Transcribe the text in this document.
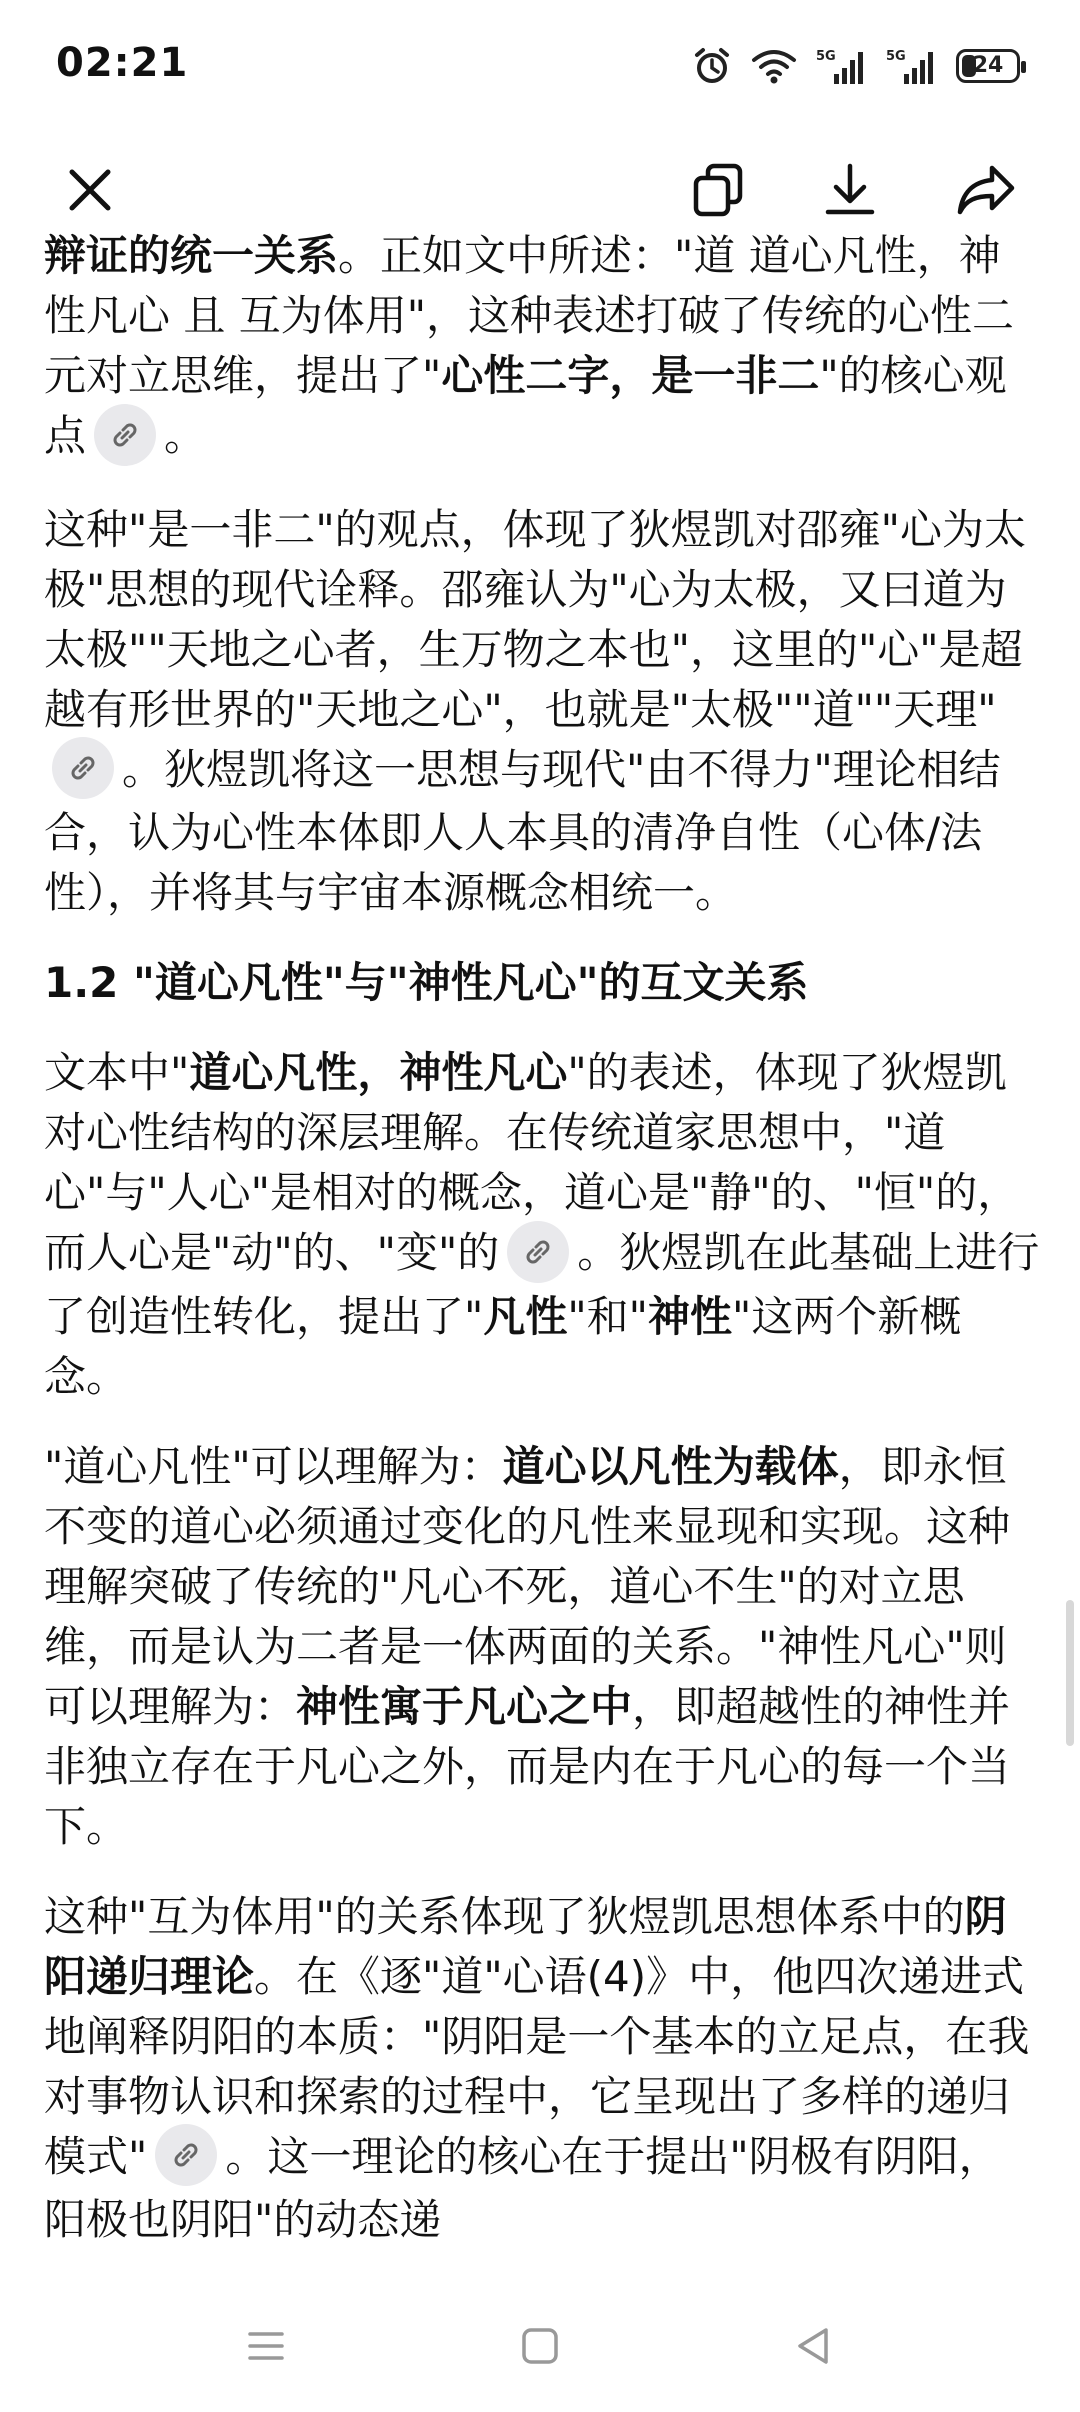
02:21	5G	5G	24

辩证的统一关系。正如文中所述："道 道心凡性，神性凡心 且 互为体用"，这种表述打破了传统的心性二元对立思维，提出了"心性二字，是一非二"的核心观点 。

这种"是一非二"的观点，体现了狄煜凯对邵雍"心为太极"思想的现代诠释。邵雍认为"心为太极，又曰道为太极""天地之心者，生万物之本也"，这里的"心"是超越有形世界的"天地之心"，也就是"太极""道""天理"
。狄煜凯将这一思想与现代"由不得力"理论相结合，认为心性本体即人人本具的清净自性（心体/法性），并将其与宇宙本源概念相统一。

1.2 "道心凡性"与"神性凡心"的互文关系

文本中"道心凡性，神性凡心"的表述，体现了狄煜凯对心性结构的深层理解。在传统道家思想中，"道心"与"人心"是相对的概念，道心是"静"的、"恒"的，而人心是"动"的、"变"的 。狄煜凯在此基础上进行了创造性转化，提出了"凡性"和"神性"这两个新概念。

"道心凡性"可以理解为：道心以凡性为载体，即永恒不变的道心必须通过变化的凡性来显现和实现。这种理解突破了传统的"凡心不死，道心不生"的对立思维，而是认为二者是一体两面的关系。"神性凡心"则可以理解为：神性寓于凡心之中，即超越性的神性并非独立存在于凡心之外，而是内在于凡心的每一个当下。

这种"互为体用"的关系体现了狄煜凯思想体系中的阴阳递归理论。在《逐"道"心语(4)》中，他四次递进式地阐释阴阳的本质："阴阳是一个基本的立足点，在我对事物认识和探索的过程中，它呈现出了多样的递归模式" 。这一理论的核心在于提出"阴极有阴阳，阳极也阴阳"的动态递
